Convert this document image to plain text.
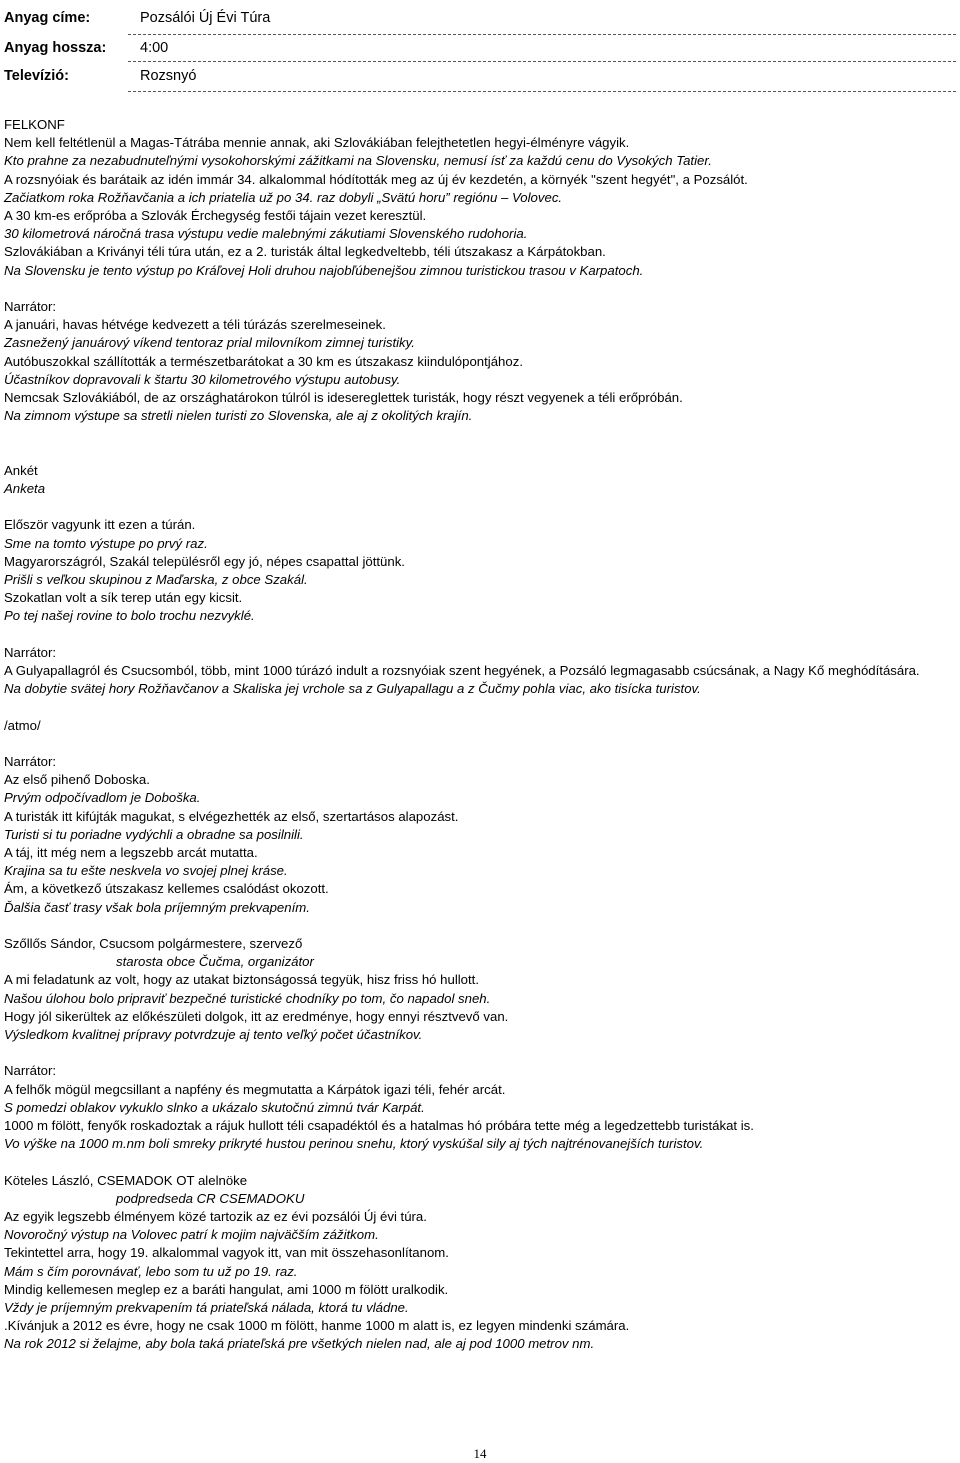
Anyag címe:	Pozsálói Új Évi Túra
Anyag hossza: 4:00
Televízió:	Rozsnyó
FELKONF
Nem kell feltétlenül a Magas-Tátrába mennie annak, aki Szlovákiában felejthetetlen hegyi-élményre vágyik.
Kto prahne za nezabudnuteľnými vysokohorskými zážitkami na Slovensku, nemusí ísť za každú cenu do Vysokých Tatier.
A rozsnyóiak és barátaik az idén immár 34. alkalommal hódították meg az új év kezdetén, a környék "szent hegyét", a Pozsálót.
Začiatkom roka Rožňavčania a ich priatelia už po 34. raz dobyli „Svätú horu” regiónu – Volovec.
A 30 km-es erőpróba a Szlovák Érchegység festői tájain vezet keresztül.
30 kilometrová náročná trasa výstupu vedie malebnými zákutiami Slovenského rudohoria.
Szlovákiában a Kriványi téli túra után, ez a 2. turisták által legkedveltebb, téli útszakasz a Kárpátokban.
Na Slovensku je tento výstup po Kráľovej Holi druhou najobľúbenejšou zimnou turistickou trasou v Karpatoch.
Narrátor:
A januári, havas hétvége kedvezett a téli túrázás szerelmeseinek.
Zasnežený januárový víkend tentoraz prial milovníkom zimnej turistiky.
Autóbuszokkal szállították a természetbarátokat a 30 km es útszakasz kiindulópontjához.
Účastníkov dopravovali k štartu 30 kilometrového výstupu autobusy.
Nemcsak Szlovákiából, de az országhatárokon túlról is idesereglettek turisták, hogy részt vegyenek a téli erőpróbán.
Na zimnom výstupe sa stretli nielen turisti zo Slovenska, ale aj z okolitých krajín.
Ankét
Anketa
Először vagyunk itt ezen a túrán.
Sme na tomto výstupe po prvý raz.
Magyarországról, Szakál településről egy jó, népes csapattal jöttünk.
Prišli s veľkou skupinou z Maďarska, z obce Szakál.
Szokatlan volt a sík terep után egy kicsit.
Po tej našej rovine to bolo trochu nezvyklé.
Narrátor:
A Gulyapallagról és Csucsomból, több, mint 1000 túrázó indult a rozsnyóiak szent hegyének, a Pozsáló legmagasabb csúcsának, a Nagy Kő meghódítására.
Na dobytie svätej hory Rožňavčanov a Skaliska jej vrchole sa z Gulyapallagu a z Čučmy pohla viac, ako tisícka turistov.
/atmo/
Narrátor:
Az első pihenő Doboska.
Prvým odpočívadlom je Doboška.
A turisták itt kifújták magukat, s elvégezhették az első, szertartásos alapozást.
Turisti si tu poriadne vydýchli a obradne sa posilnili.
A táj, itt még nem a legszebb arcát mutatta.
Krajina sa tu ešte neskvela vo svojej plnej kráse.
Ám, a következő útszakasz kellemes csalódást okozott.
Ďalšia časť trasy však bola príjemným prekvapením.
Szőllős Sándor, Csucsom polgármestere, szervező
starosta obce Čučma, organizátor
A mi feladatunk az volt, hogy az utakat biztonságossá tegyük, hisz friss hó hullott.
Našou úlohou bolo pripraviť bezpečné turistické chodníky po tom, čo napadol sneh.
Hogy jól sikerültek az előkészületi dolgok, itt az eredménye, hogy ennyi résztvevő van.
Výsledkom kvalitnej prípravy potvrdzuje aj tento veľký počet účastníkov.
Narrátor:
A felhők mögül megcsillant a napfény és megmutatta a Kárpátok igazi téli, fehér arcát.
S pomedzi oblakov vykuklo slnko a ukázalo skutočnú zimnú tvár Karpát.
1000 m fölött, fenyők roskadoztak a rájuk hullott téli csapadéktól és a hatalmas hó próbára tette még a legedzettebb turistákat is.
Vo výške na 1000 m.nm boli smreky prikryté hustou perinou snehu, ktorý vyskúšal sily aj tých najtrénovanejších turistov.
Köteles László, CSEMADOK OT alelnöke
podpredseda CR CSEMADOKU
Az egyik legszebb élményem közé tartozik az ez évi pozsálói Új évi túra.
Novoročný výstup na Volovec patrí k mojim najväčším zážitkom.
Tekintettel arra, hogy 19. alkalommal vagyok itt, van mit összehasonlítanom.
Mám s čím porovnávať, lebo som tu už po 19. raz.
Mindig kellemesen meglep ez a baráti hangulat, ami 1000 m fölött uralkodik.
Vždy je príjemným prekvapením tá priateľská nálada, ktorá tu vládne.
.Kívánjuk a 2012 es évre, hogy ne csak 1000 m fölött, hanme 1000 m alatt is, ez legyen mindenki számára.
Na rok 2012 si želajme, aby bola taká priateľská pre všetkých nielen nad, ale aj pod 1000 metrov nm.
14
